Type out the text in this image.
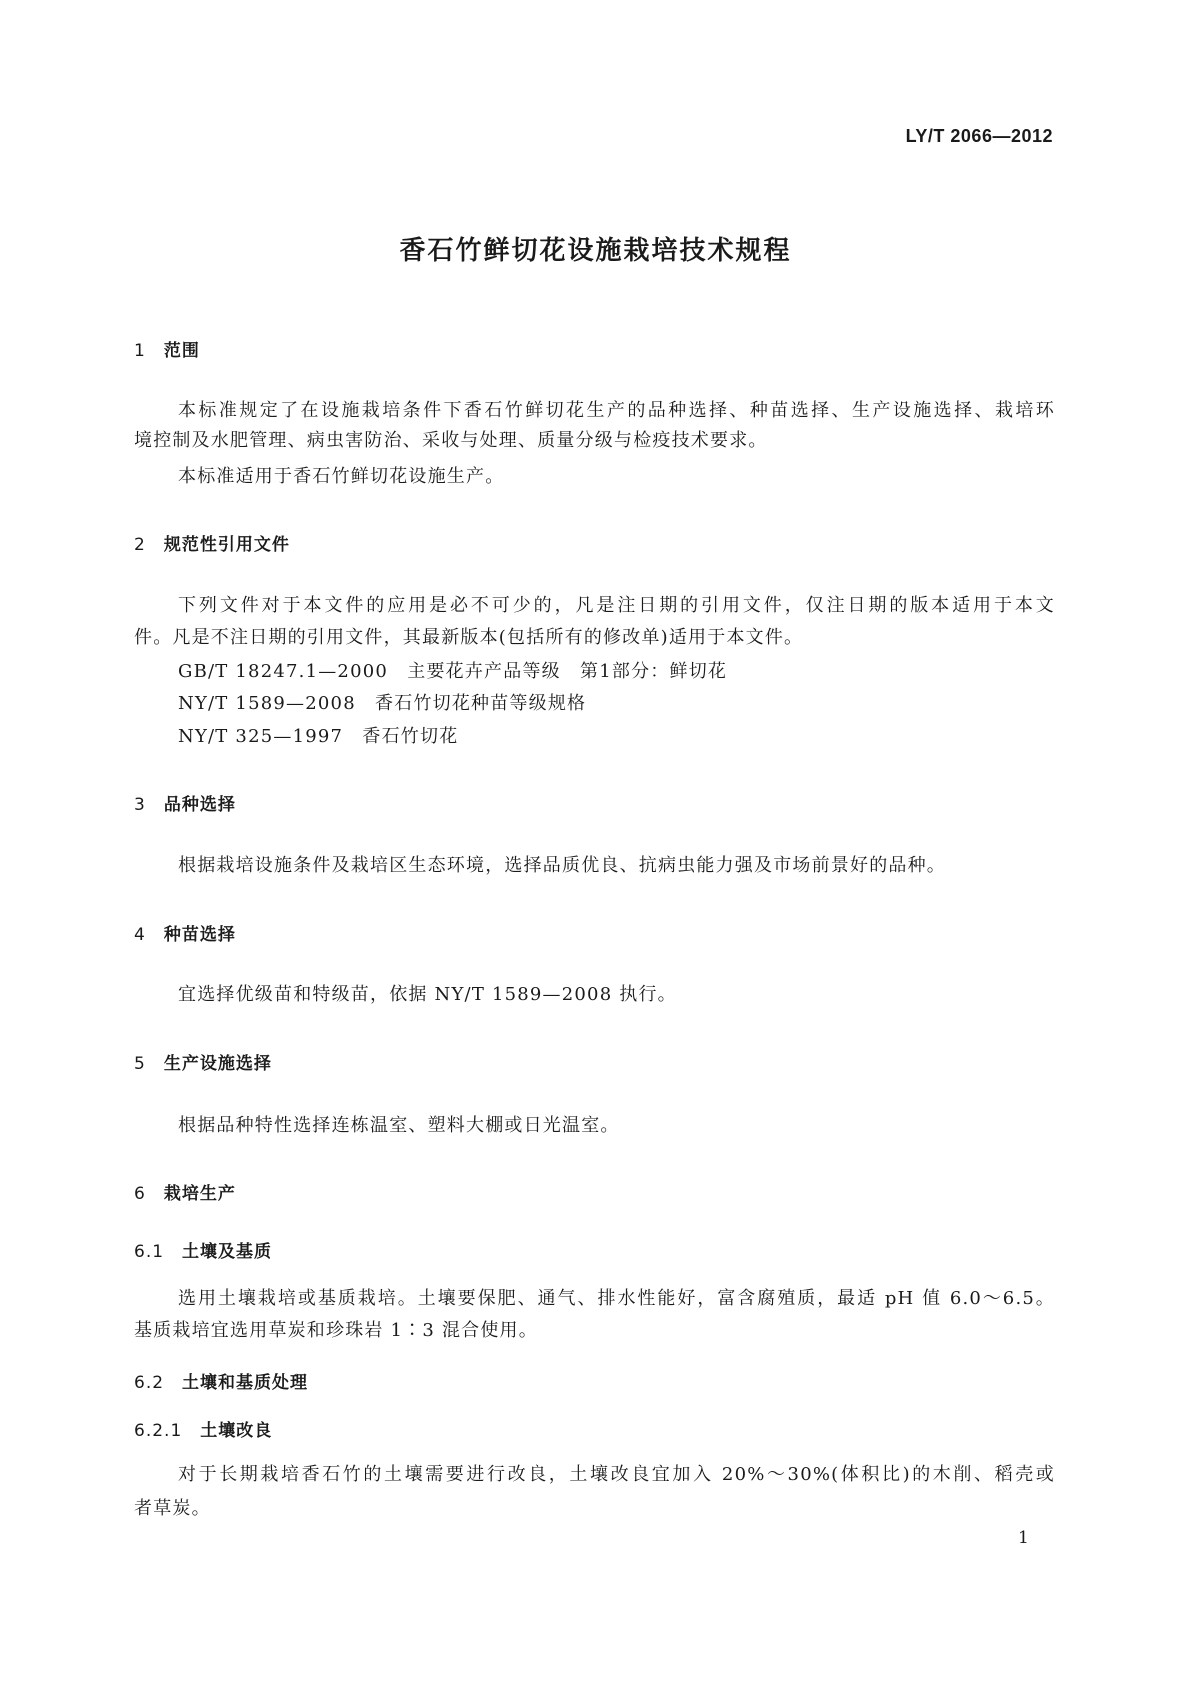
LY/T 2066—2012
香石竹鲜切花设施栽培技术规程
1 范围
本标准规定了在设施栽培条件下香石竹鲜切花生产的品种选择、种苗选择、生产设施选择、栽培环
境控制及水肥管理、病虫害防治、采收与处理、质量分级与检疫技术要求。
本标准适用于香石竹鲜切花设施生产。
2 规范性引用文件
下列文件对于本文件的应用是必不可少的，凡是注日期的引用文件，仅注日期的版本适用于本文
件。凡是不注日期的引用文件，其最新版本(包括所有的修改单)适用于本文件。
GB/T 18247.1—2000　主要花卉产品等级　第1部分：鲜切花
NY/T 1589—2008　香石竹切花种苗等级规格
NY/T 325—1997　香石竹切花
3 品种选择
根据栽培设施条件及栽培区生态环境，选择品质优良、抗病虫能力强及市场前景好的品种。
4 种苗选择
宜选择优级苗和特级苗，依据 NY/T 1589—2008 执行。
5 生产设施选择
根据品种特性选择连栋温室、塑料大棚或日光温室。
6 栽培生产
6.1 土壤及基质
选用土壤栽培或基质栽培。土壤要保肥、通气、排水性能好，富含腐殖质，最适 pH 值 6.0～6.5。
基质栽培宜选用草炭和珍珠岩 1∶3 混合使用。
6.2 土壤和基质处理
6.2.1 土壤改良
对于长期栽培香石竹的土壤需要进行改良，土壤改良宜加入 20%～30%(体积比)的木削、稻壳或
者草炭。
1
